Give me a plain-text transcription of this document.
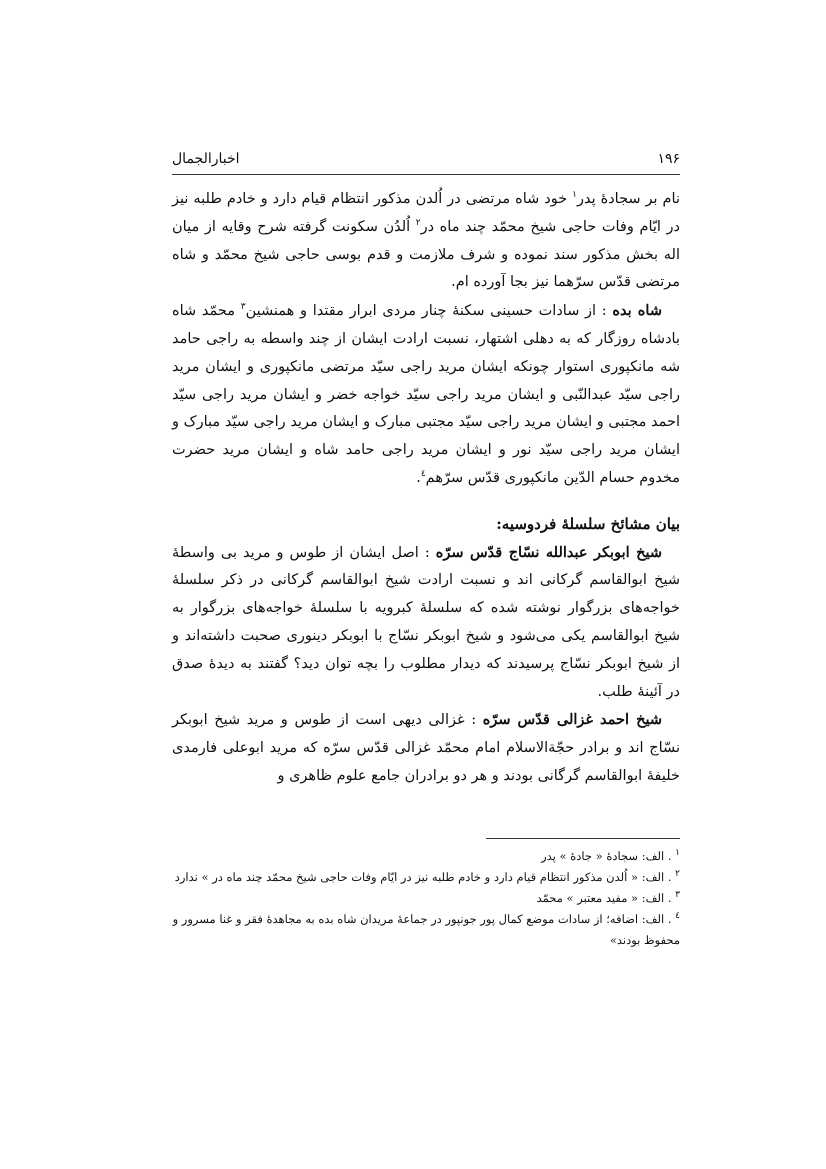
۱۹۶
اخبارالجمال

نام بر سجادهٔ پدر$^۱$ خود شاه مرتضی در اُلدن مذکور انتظام قیام دارد و خادم طلبه نیز در ایّام وفات حاجی شیخ محمّد چند ماه در$^۲$ اُلدُن سکونت گرفته شرح وقایه از میان اله بخش مذکور سند نموده و شرف ملازمت و قدم بوسی حاجی شیخ محمّد و شاه مرتضی قدّس سرّهما نیز بجا آورده ام.

شاه بده : از سادات حسینی سکنهٔ چنار مردی ابرار مقتدا و همنشین$^۳$ محمّد شاه بادشاه روزگار که به دهلی اشتهار، نسبت ارادت ایشان از چند واسطه به راجی حامد شه مانکپوری استوار چونکه ایشان مرید راجی سیّد مرتضی مانکپوری و ایشان مرید راجی سیّد عبدالنّبی و ایشان مرید راجی سیّد خواجه خضر و ایشان مرید راجی سیّد احمد مجتبی و ایشان مرید راجی سیّد مجتبی مبارک و ایشان مرید راجی سیّد مبارک و ایشان مرید راجی سیّد نور و ایشان مرید راجی حامد شاه و ایشان مرید حضرت مخدوم حسام الدّین مانکپوری قدّس سرّهم$^٤$.

بیان مشائخ سلسلهٔ فردوسیه:

شیخ ابوبکر عبدالله نسّاج قدّس سرّه : اصل ایشان از طوس و مرید بی واسطهٔ شیخ ابوالقاسم گرکانی اند و نسبت ارادت شیخ ابوالقاسم گرکانی در ذکر سلسلهٔ خواجه‌های بزرگوار نوشته شده که سلسلهٔ کبرویه با سلسلهٔ خواجه‌های بزرگوار به شیخ ابوالقاسم یکی می‌شود و شیخ ابوبکر نسّاج با ابوبکر دینوری صحبت داشته‌اند و از شیخ ابوبکر نسّاج پرسیدند که دیدار مطلوب را بچه توان دید؟ گفتند به دیدهٔ صدق در آئینهٔ طلب.

شیخ احمد غزالی قدّس سرّه : غزالی دیهی است از طوس و مرید شیخ ابوبکر نسّاج اند و برادر حجّةالاسلام امام محمّد غزالی قدّس سرّه که مرید ابوعلی فارمدی خلیفهٔ ابوالقاسم گرگانی بودند و هر دو برادران جامع علوم ظاهری و

$^۱$ . الف: سجادهٔ « جادهٔ » پدر

$^۲$ . الف: « اُلدن مذکور انتظام قیام دارد و خادم طلبه نیز در ایّام وفات حاجی شیخ محمّد چند ماه در » ندارد

$^۳$ . الف: « مفید معتبر » محمّد

$^٤$ . الف: اضافه؛ از سادات موضع کمال پور جونپور در جماعهٔ مریدان شاه بده به مجاهدهٔ فقر و غنا مسرور و محفوظ بودند»
